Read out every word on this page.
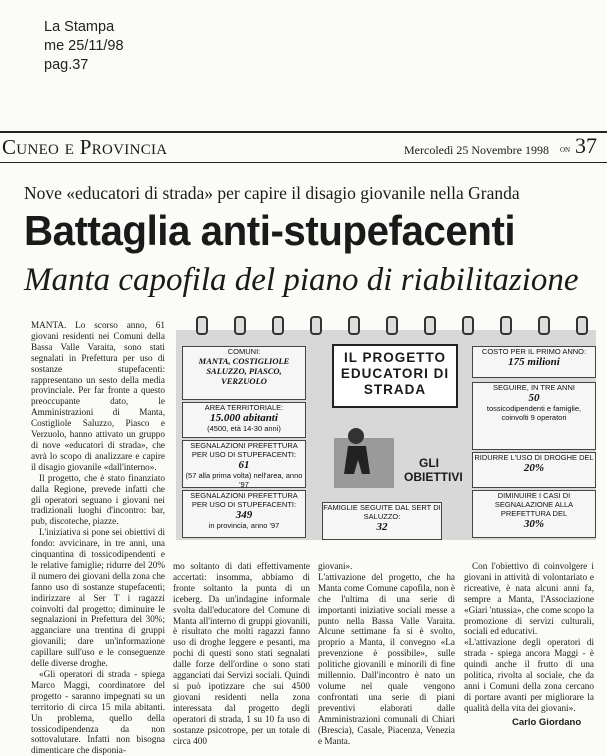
La Stampa
me 25/11/98
pag.37
Cuneo e Provincia	Mercoledì 25 Novembre 1998 ON 37
Nove «educatori di strada» per capire il disagio giovanile nella Granda
Battaglia anti-stupefacenti
Manta capofila del piano di riabilitazione

MANTA. Lo scorso anno, 61 giovani residenti nei Comuni della Bassa Valle Varaita, sono stati segnalati in Prefettura per uso di sostanze stupefacenti: rappresentano un sesto della media provinciale. Per far fronte a questo preoccupante dato, le Amministrazioni di Manta, Costigliole Saluzzo, Piasco e Verzuolo, hanno attivato un gruppo di nove «educatori di strada», che avrà lo scopo di analizzare e capire il disagio giovanile «dall'interno».

Il progetto, che è stato finanziato dalla Regione, prevede infatti che gli operatori seguano i giovani nei tradizionali luoghi d'incontro: bar, pub, discoteche, piazze.

L'iniziativa si pone sei obiettivi di fondo: avvicinare, in tre anni, una cinquantina di tossicodipendenti e le relative famiglie; ridurre del 20% il numero dei giovani della zona che fanno uso di sostanze stupefacenti; indirizzare al Ser T i ragazzi coinvolti dal progetto; diminuire le segnalazioni in Prefettura del 30%; agganciare una trentina di gruppi giovanili; dare un'informazione capillare sull'uso e le conseguenze delle diverse droghe.

«Gli operatori di strada - spiega Marco Maggi, coordinatore del progetto - saranno impegnati su un territorio di circa 15 mila abitanti. Un problema, quello della tossicodipendenza da non sottovalutare. Infatti non bisogna dimenticare che disponia-

COMUNI:
MANTA, COSTIGLIOLE SALUZZO, PIASCO, VERZUOLO
AREA TERRITORIALE:
15.000 abitanti
(4500, età 14-30 anni)
SEGNALAZIONI PREFETTURA PER USO DI STUPEFACENTI:
61
(57 alla prima volta) nell'area, anno '97
SEGNALAZIONI PREFETTURA PER USO DI STUPEFACENTI:
349
in provincia, anno '97
IL PROGETTO EDUCATORI DI STRADA
GLI OBIETTIVI
FAMIGLIE SEGUITE DAL SERT DI SALUZZO:
32
COSTO PER IL PRIMO ANNO:
175 milioni
SEGUIRE, IN TRE ANNI
50
tossicodipendenti e famiglie,
coinvolti 9 operatori
RIDURRE L'USO DI DROGHE DEL
20%
DIMINUIRE I CASI DI SEGNALAZIONE ALLA PREFETTURA DEL
30%

mo soltanto di dati effettivamente accertati: insomma, abbiamo di fronte soltanto la punta di un iceberg. Da un'indagine informale svolta dall'educatore del Comune di Manta all'interno di gruppi giovanili, è risultato che molti ragazzi fanno uso di droghe leggere e pesanti, ma pochi di questi sono stati segnalati dalle forze dell'ordine o sono stati agganciati dai Servizi sociali. Quindi si può ipotizzare che sui 4500 giovani residenti nella zona interessata dal progetto degli operatori di strada, 1 su 10 fa uso di sostanze psicotrope, per un totale di circa 400

giovani».
L'attivazione del progetto, che ha Manta come Comune capofila, non è che l'ultima di una serie di importanti iniziative sociali messe a punto nella Bassa Valle Varaita. Alcune settimane fa si è svolto, proprio a Manta, il convegno «La prevenzione è possibile», sulle politiche giovanili e minorili di fine millennio. Dall'incontro è nato un volume nel quale vengono confrontati una serie di piani preventivi elaborati dalle Amministrazioni comunali di Chiari (Brescia), Casale, Piacenza, Venezia e Manta.

Con l'obiettivo di coinvolgere i giovani in attività di volontariato e ricreative, è nata alcuni anni fa, sempre a Manta, l'Associazione «Giari 'ntussia», che come scopo la promozione di servizi culturali, sociali ed educativi.
«L'attivazione degli operatori di strada - spiega ancora Maggi - è quindi anche il frutto di una politica, rivolta al sociale, che da anni i Comuni della zona cercano di portare avanti per migliorare la qualità della vita dei giovani».

Carlo Giordano
